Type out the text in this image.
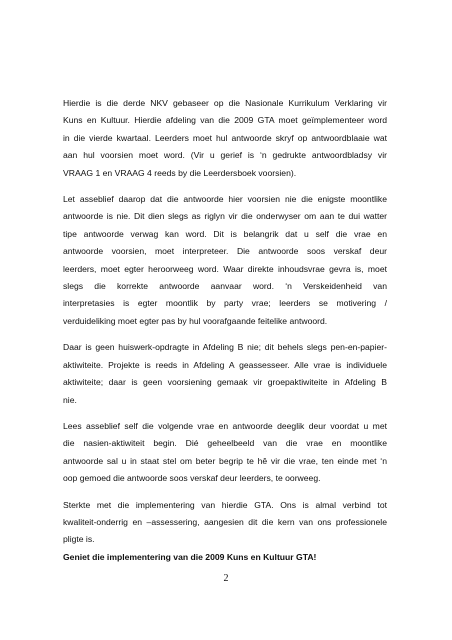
Hierdie is die derde NKV gebaseer op die Nasionale Kurrikulum Verklaring vir
Kuns en Kultuur. Hierdie afdeling van die 2009 GTA moet geïmplementeer word
in die vierde kwartaal. Leerders moet hul antwoorde skryf op antwoordblaaie wat
aan hul voorsien moet word. (Vir u gerief is ‘n gedrukte antwoordbladsy vir
VRAAG 1 en VRAAG 4 reeds by die Leerdersboek voorsien).

Let asseblief daarop dat die antwoorde hier voorsien nie die enigste moontlike
antwoorde is nie. Dit dien slegs as riglyn vir die onderwyser om aan te dui watter
tipe antwoorde verwag kan word. Dit is belangrik dat u self die vrae en
antwoorde voorsien, moet interpreteer. Die antwoorde soos verskaf deur
leerders, moet egter heroorweeg word. Waar direkte inhoudsvrae gevra is, moet
slegs die korrekte antwoorde aanvaar word. ‘n Verskeidenheid van
interpretasies is egter moontlik by party vrae; leerders se motivering /
verduideliking moet egter pas by hul voorafgaande feitelike antwoord.

Daar is geen huiswerk-opdragte in Afdeling B nie; dit behels slegs pen-en-papier-
aktiwiteite. Projekte is reeds in Afdeling A geassesseer. Alle vrae is individuele
aktiwiteite; daar is geen voorsiening gemaak vir groepaktiwiteite in Afdeling B
nie.

Lees asseblief self die volgende vrae en antwoorde deeglik deur voordat u met
die nasien-aktiwiteit begin. Dié geheelbeeld van die vrae en moontlike
antwoorde sal u in staat stel om beter begrip te hê vir die vrae, ten einde met ‘n
oop gemoed die antwoorde soos verskaf deur leerders, te oorweeg.

Sterkte met die implementering van hierdie GTA. Ons is almal verbind tot
kwaliteit-onderrig en –assessering, aangesien dit die kern van ons professionele
pligte is.

Geniet die implementering van die 2009 Kuns en Kultuur GTA!

2
